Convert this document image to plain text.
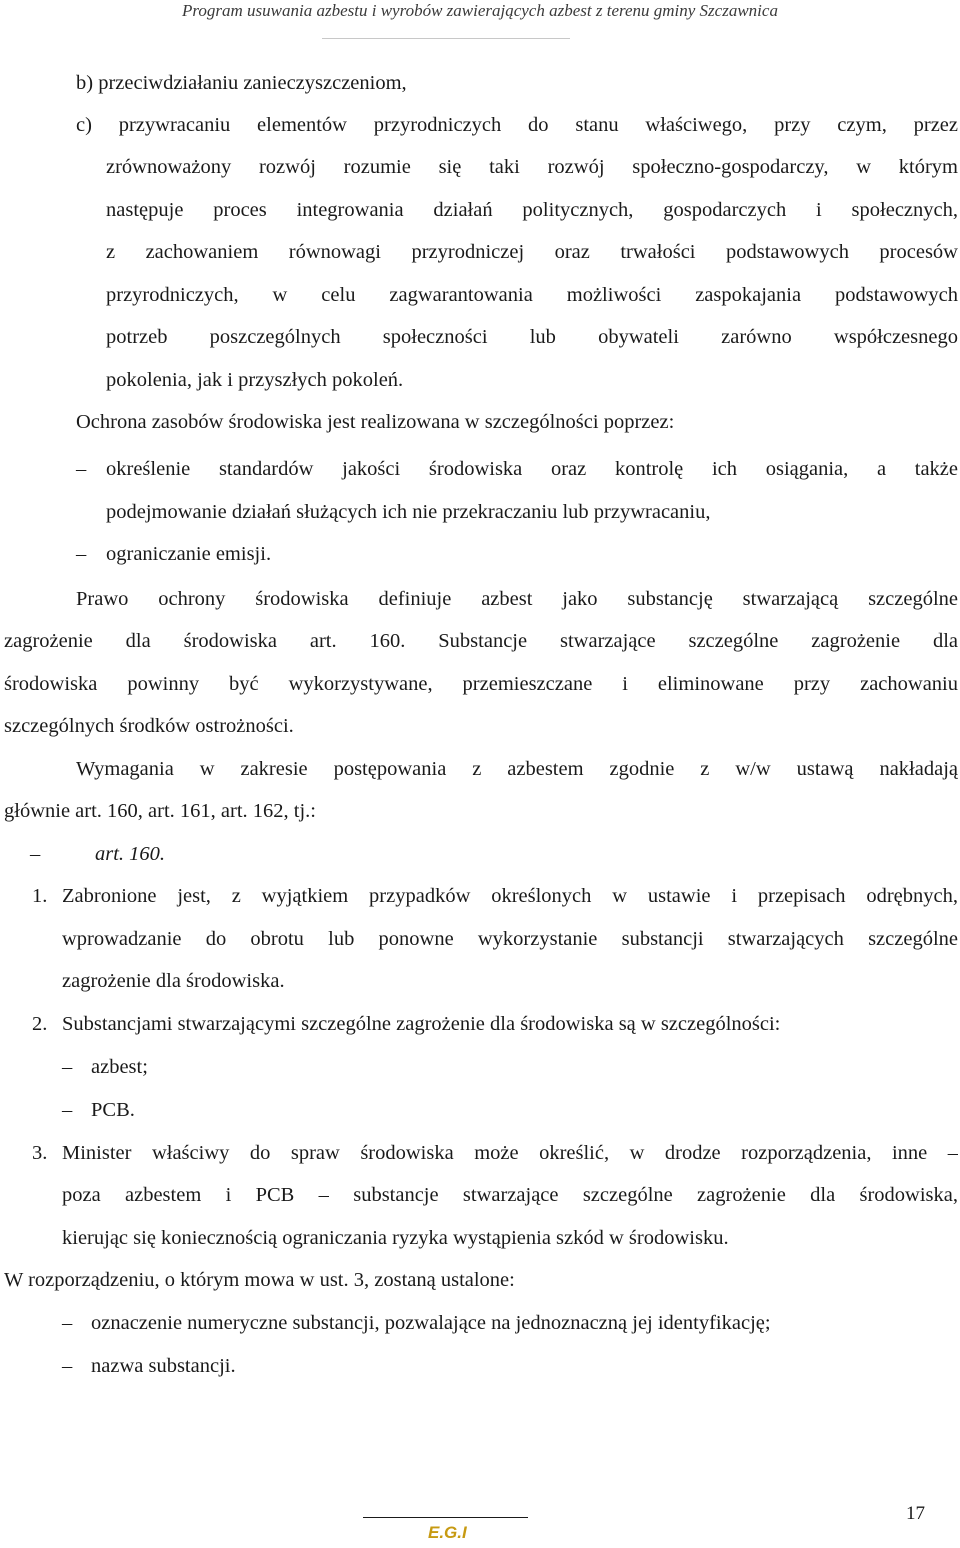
Program usuwania azbestu i wyrobów zawierających azbest z terenu gminy Szczawnica
b) przeciwdziałaniu zanieczyszczeniom,
c) przywracaniu elementów przyrodniczych do stanu właściwego, przy czym, przez
zrównoważony rozwój rozumie się taki rozwój społeczno-gospodarczy, w którym
następuje proces integrowania działań politycznych, gospodarczych i społecznych,
z zachowaniem równowagi przyrodniczej oraz trwałości podstawowych procesów
przyrodniczych, w celu zagwarantowania możliwości zaspokajania podstawowych
potrzeb poszczególnych społeczności lub obywateli zarówno współczesnego
pokolenia, jak i przyszłych pokoleń.
Ochrona zasobów środowiska jest realizowana w szczególności poprzez:
– określenie standardów jakości środowiska oraz kontrolę ich osiągania, a także
podejmowanie działań służących ich nie przekraczaniu lub przywracaniu,
– ograniczanie emisji.
Prawo ochrony środowiska definiuje azbest jako substancję stwarzającą szczególne
zagrożenie dla środowiska art. 160. Substancje stwarzające szczególne zagrożenie dla
środowiska powinny być wykorzystywane, przemieszczane i eliminowane przy zachowaniu
szczególnych środków ostrożności.
Wymagania w zakresie postępowania z azbestem zgodnie z w/w ustawą nakładają
głównie art. 160, art. 161, art. 162, tj.:
–	art. 160.
1. Zabronione jest, z wyjątkiem przypadków określonych w ustawie i przepisach odrębnych,
wprowadzanie do obrotu lub ponowne wykorzystanie substancji stwarzających szczególne
zagrożenie dla środowiska.
2. Substancjami stwarzającymi szczególne zagrożenie dla środowiska są w szczególności:
– azbest;
– PCB.
3. Minister właściwy do spraw środowiska może określić, w drodze rozporządzenia, inne –
poza azbestem i PCB – substancje stwarzające szczególne zagrożenie dla środowiska,
kierując się koniecznością ograniczania ryzyka wystąpienia szkód w środowisku.
W rozporządzeniu, o którym mowa w ust. 3, zostaną ustalone:
– oznaczenie numeryczne substancji, pozwalające na jednoznaczną jej identyfikację;
– nazwa substancji.
E.G.I
17
